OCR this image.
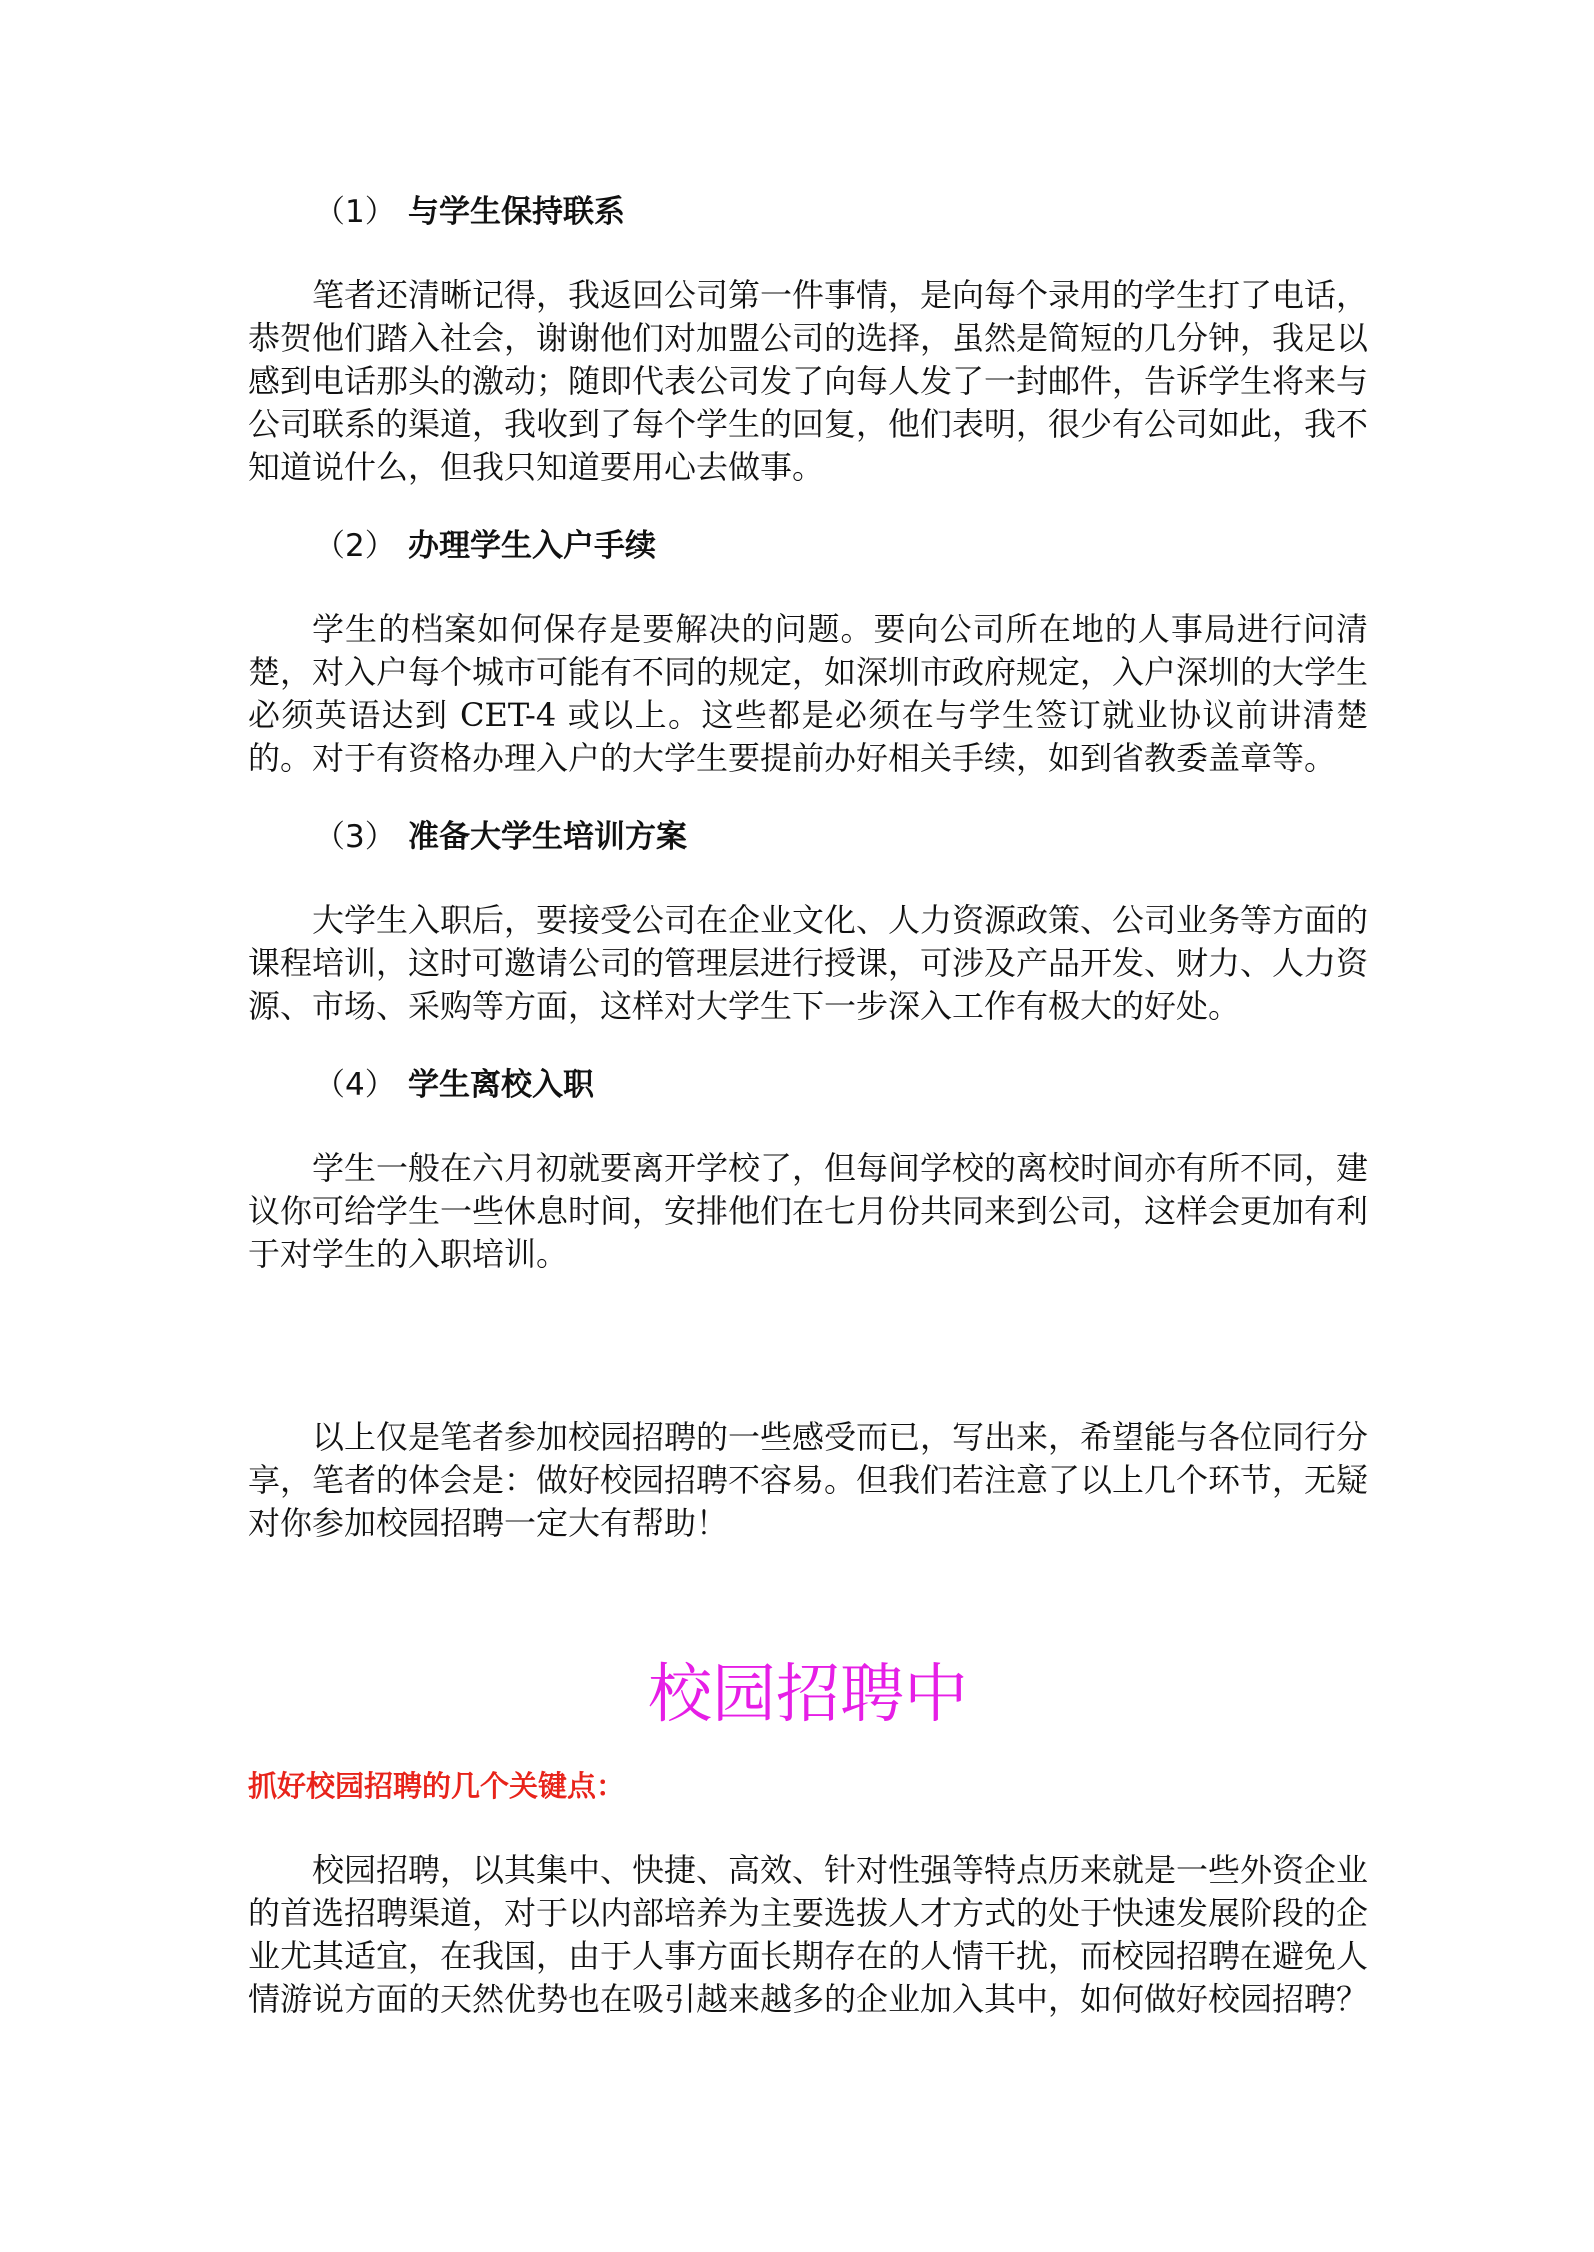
（1） 与学生保持联系

笔者还清晰记得，我返回公司第一件事情，是向每个录用的学生打了电话，恭贺他们踏入社会，谢谢他们对加盟公司的选择，虽然是简短的几分钟，我足以感到电话那头的激动；随即代表公司发了向每人发了一封邮件，告诉学生将来与公司联系的渠道，我收到了每个学生的回复，他们表明，很少有公司如此，我不知道说什么，但我只知道要用心去做事。

（2） 办理学生入户手续

学生的档案如何保存是要解决的问题。要向公司所在地的人事局进行问清楚，对入户每个城市可能有不同的规定，如深圳市政府规定，入户深圳的大学生必须英语达到 CET-4 或以上。这些都是必须在与学生签订就业协议前讲清楚的。对于有资格办理入户的大学生要提前办好相关手续，如到省教委盖章等。

（3） 准备大学生培训方案

大学生入职后，要接受公司在企业文化、人力资源政策、公司业务等方面的课程培训，这时可邀请公司的管理层进行授课，可涉及产品开发、财力、人力资源、市场、采购等方面，这样对大学生下一步深入工作有极大的好处。

（4） 学生离校入职

学生一般在六月初就要离开学校了，但每间学校的离校时间亦有所不同，建议你可给学生一些休息时间，安排他们在七月份共同来到公司，这样会更加有利于对学生的入职培训。

以上仅是笔者参加校园招聘的一些感受而已，写出来，希望能与各位同行分享，笔者的体会是：做好校园招聘不容易。但我们若注意了以上几个环节，无疑对你参加校园招聘一定大有帮助！

校园招聘中
抓好校园招聘的几个关键点：

校园招聘，以其集中、快捷、高效、针对性强等特点历来就是一些外资企业的首选招聘渠道，对于以内部培养为主要选拔人才方式的处于快速发展阶段的企业尤其适宜，在我国，由于人事方面长期存在的人情干扰，而校园招聘在避免人情游说方面的天然优势也在吸引越来越多的企业加入其中，如何做好校园招聘？
